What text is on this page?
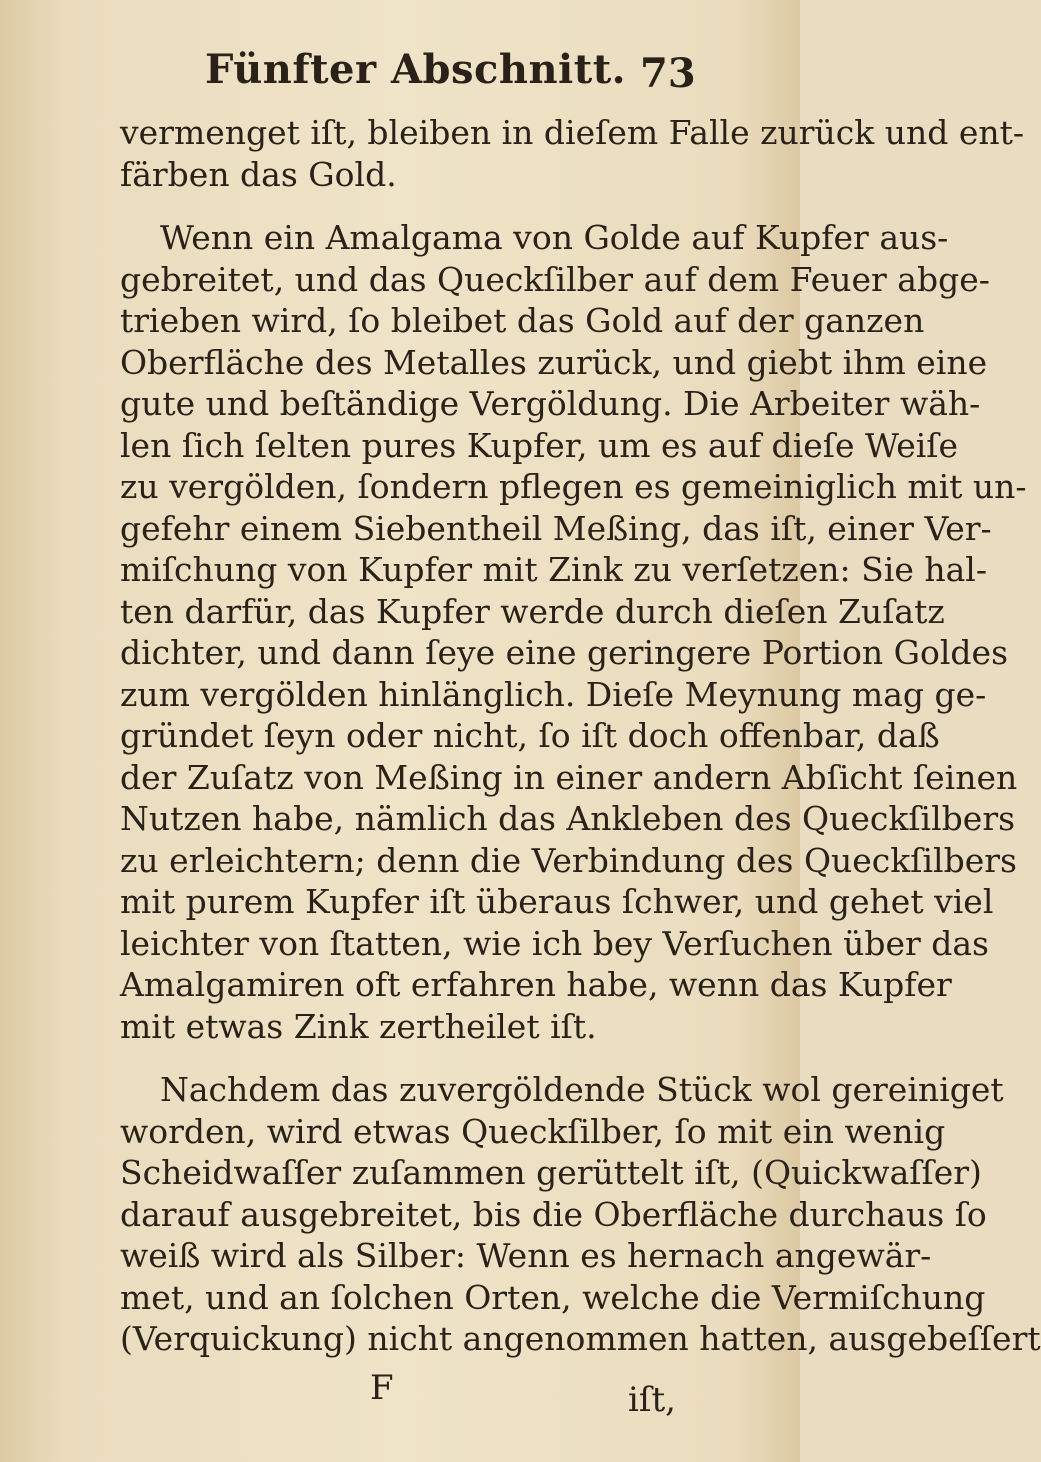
Fünfter Abschnitt. 73
vermenget iſt, bleiben in dieſem Falle zurück und ent-
färben das Gold.
Wenn ein Amalgama von Golde auf Kupfer aus-
gebreitet, und das Queckſilber auf dem Feuer abge-
trieben wird, ſo bleibet das Gold auf der ganzen
Oberfläche des Metalles zurück, und giebt ihm eine
gute und beſtändige Vergöldung. Die Arbeiter wäh-
len ſich ſelten pures Kupfer, um es auf dieſe Weiſe
zu vergölden, ſondern pflegen es gemeiniglich mit un-
gefehr einem Siebentheil Meßing, das iſt, einer Ver-
miſchung von Kupfer mit Zink zu verſetzen: Sie hal-
ten darfür, das Kupfer werde durch dieſen Zuſatz
dichter, und dann ſeye eine geringere Portion Goldes
zum vergölden hinlänglich. Dieſe Meynung mag ge-
gründet ſeyn oder nicht, ſo iſt doch offenbar, daß
der Zuſatz von Meßing in einer andern Abſicht ſeinen
Nutzen habe, nämlich das Ankleben des Queckſilbers
zu erleichtern; denn die Verbindung des Queckſilbers
mit purem Kupfer iſt überaus ſchwer, und gehet viel
leichter von ſtatten, wie ich bey Verſuchen über das
Amalgamiren oft erfahren habe, wenn das Kupfer
mit etwas Zink zertheilet iſt.
Nachdem das zuvergöldende Stück wol gereiniget
worden, wird etwas Queckſilber, ſo mit ein wenig
Scheidwaſſer zuſammen gerüttelt iſt, (Quickwaſſer)
darauf ausgebreitet, bis die Oberfläche durchaus ſo
weiß wird als Silber: Wenn es hernach angewär-
met, und an ſolchen Orten, welche die Vermiſchung
(Verquickung) nicht angenommen hatten, ausgebeſſert
F	iſt,
